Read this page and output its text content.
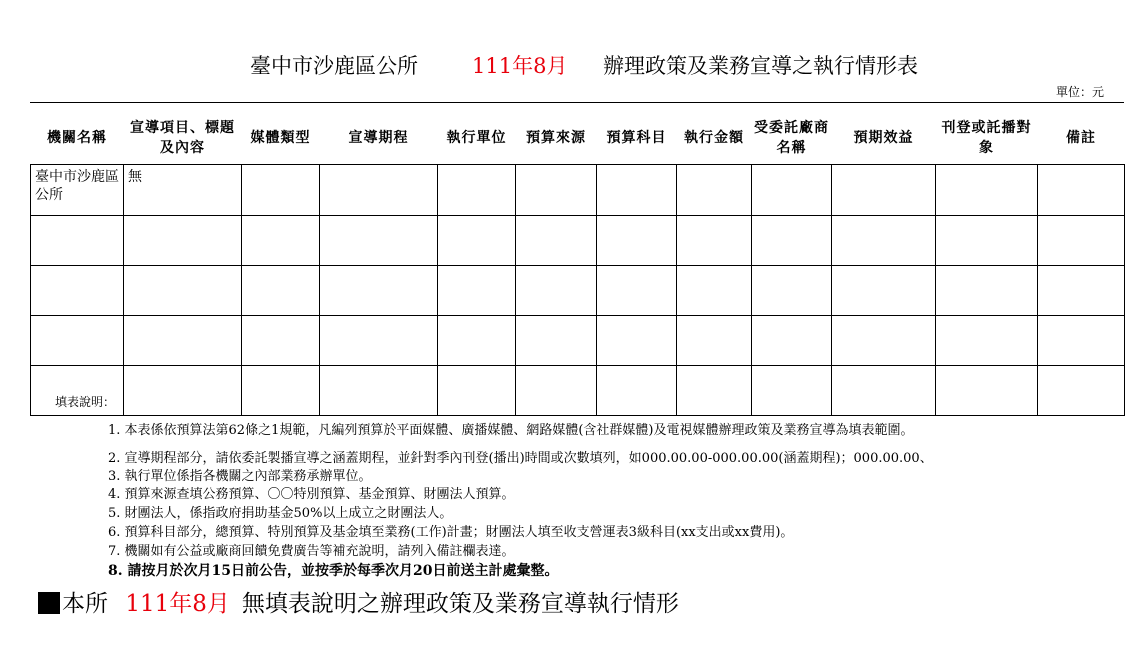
臺中市沙鹿區公所	111年8月 辦理政策及業務宣導之執行情形表
單位：元
機關名稱	宣導項目、標題及內容	媒體類型	宣導期程	執行單位	預算來源	預算科目	執行金額	受委託廠商名稱	預期效益	刊登或託播對象	備註
臺中市沙鹿區公所	無										

填表說明：
1. 本表係依預算法第62條之1規範，凡編列預算於平面媒體、廣播媒體、網路媒體(含社群媒體)及電視媒體辦理政策及業務宣導為填表範圍。
2. 宣導期程部分，請依委託製播宣導之涵蓋期程，並針對季內刊登(播出)時間或次數填列，如000.00.00-000.00.00(涵蓋期程)；000.00.00、
3. 執行單位係指各機關之內部業務承辦單位。
4. 預算來源查填公務預算、〇〇特別預算、基金預算、財團法人預算。
5. 財團法人，係指政府捐助基金50%以上成立之財團法人。
6. 預算科目部分，總預算、特別預算及基金填至業務(工作)計畫；財團法人填至收支營運表3級科目(xx支出或xx費用)。
7. 機關如有公益或廠商回饋免費廣告等補充說明，請列入備註欄表達。
8. 請按月於次月15日前公告，並按季於每季次月20日前送主計處彙整。
本所 111年8月 無填表說明之辦理政策及業務宣導執行情形
